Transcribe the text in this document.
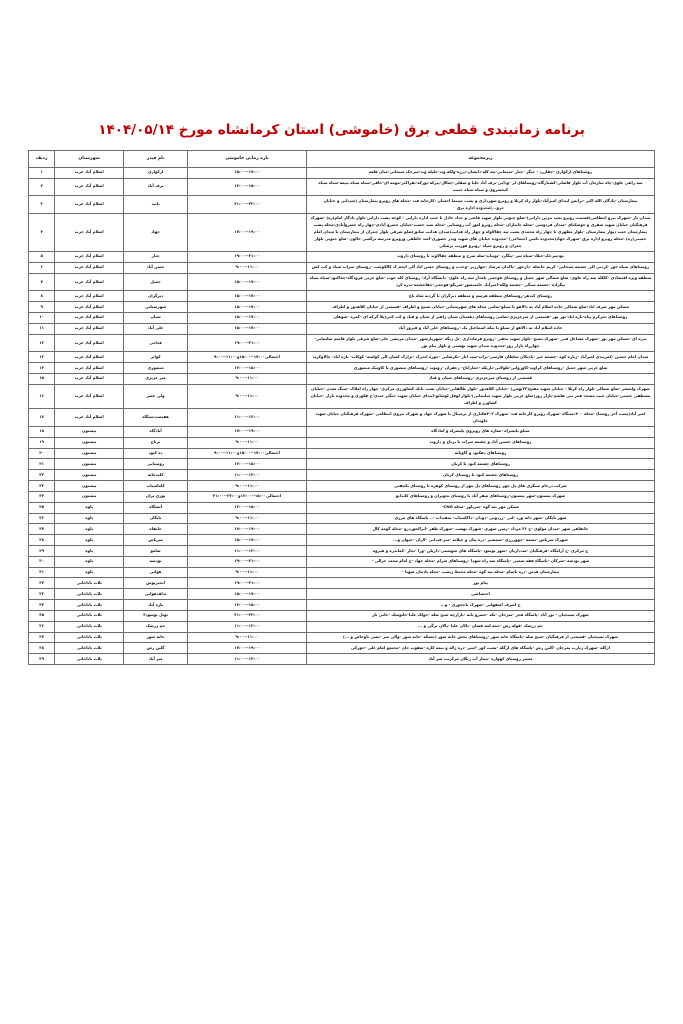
برنامه زمانبندی قطعی برق (خاموشی) استان کرمانشاه مورخ ۱۴۰۴/۰۵/۱۴
زیرمجموعه	بازه زمانی خاموشی	نام فیدر	شهرستان	ردیف
روستاهای ارکوازی -چقازرد - چنگر -چنار -سیمانی-تپه کله-دانشان-درزه-ولکه وند-جلیله وند-سرخک سنجابی-میان قلعه	۱۷:۰۰--۱۵:۰۰	ارکوازی	اسلام آباد غرب	۱
سه راهی علوی-چاه سازمان آب بلوار فاضلی-کشتارگاه-روستاهای لر -ودایی-برف آباد علیا و سفلی-چغالل-پیرکه-بورکه-تفراکبر-مومه ای-جافی-سیاه سیاه نبیغه-سیاه سیاه کیخسروی و سیاه سیاه حبیب	۱۵:۰۰--۱۳:۰۰	برف آباد	اسلام آباد غرب	۲
بیمارستان -پادگان الله اکبر -ترانس ابتدای امیرآباد-بلوار راه کربلا و روبرو شهرداری و پشت سینما احسان -کارخانه قند -محله های روبرو بیمارستان (شیدایی و خیابان حرو...)محدوده اداره برق	۲۳:۰۰--۲۱:۰۰	پانید	اسلام آباد غرب	۳
میدان بار -شهرک نیرو انتظامی(قسمت روبرو پمپ بنزین دارایی)-ضلع جنوبی بلوار شهید قاضی و حداد عادل تا جنب اداره دارایی - کوچه پشت دارایی-بلوار یادگار امام(ره) -شهرک فرهنگیان خیابان شهید صفری و خوشکنای -میدان فردوسی -محله جانبازان -محله روبرو امور آب روستایی -محله سید خشت-خیابان خسرو آبادی-چهار راه خسروآبادی-محله پشت بیمارستان جنب دیوار بیمارستان -بلوار مطهری تا چهار راه محمدی پشت تپه چقالاواه و چهار راه هدایت(میدان هدایت سابق)ضلع شرقی بلوار چمران از بیمارستان تا میدان امام خمینی(ره) -محله روبرو اداره برق -شهرک جهاد(محدوده تامین اجتماعی) -محدوده خیابان های شهید وندر خصوری-اسد عاطفی وروبرو مدرسه نرگسی خالون -ضلع جنوبی بلوار چمران و روبرو سپاه -روبرو فوریت پزشکی	۱۹:۰۰--۱۷:۰۰	جهاد	اسلام آباد غرب	۴
نودسرخک-خیلاد-سیاه سر -بیلگرد -تویباند-سله سرخ و منطقه چقالاوند تا روستای داروند	۲۱:۰۰--۱۹:۰۰	چنار	اسلام آباد غرب	۵
روستاهای سیاه خور -لردنی الی چشمه سنجابی- کریم حاتمله -دارخور -پاکدان مرصاد -چهارزبر -وحدت و روستای حسن اباد آلی انجم ک کالکوشت -روستای سراب شیاذ و کت کش	۱۱:۰۰--۹:۰۰	حسن آباد	اسلام آباد غرب	۶
منطقه ویژه اقتصادی -کلکله سه راه علوی- ضلع شمالی شهر حمیل و روستای فوجمی نامدار سه راه علوی- دانشگاه آزاد- روستای کله جوب -ضلع غربی فرودگاه-چغاکبود-سیاه سیاه بیگزاده -چشمه سنگی -چشمه ولکه-امیرآباد خانمنصور-سربگو-فوجمی-چقاچشمه-بدره کرد	۱۷:۰۰--۱۵:۰۰	حمیل	اسلام آباد غرب	۷
روستای کندهر-روستاهای منطقه هرسم و منطقه دیزگران تا گردنه شاه باغ	۱۷:۰۰--۱۵:۰۰	دیزگران	اسلام آباد غرب	۸
مسکن مهر شرف اباد-ضلع شمالی جاده اسلام آباد به دالاهو تا سیلو-تمامی محله های شهرستانی-خیابان بسیج و اطراف -قسمتی از خیابان کلاهدوز و اطراف	۱۷:۰۰--۱۵:۰۰	شهرستانی	اسلام آباد غرب	۹
روستاهای نجرکرم پناه-تازه اباد-نور بور -قسمتی از میرعزیزی-تمامی روستاهای دهستان شیان زاهیر از شیان و قباد و کت کتی(پلا گرکه ای -کمره -شوهان	۱۷:۰۰--۱۵:۰۰	شیان	اسلام آباد غرب	۱۰
جاده اسلام آباد به دالاهو از سیلو تا تنکه اسماعیل بک -روستاهای علی آباد و فیروز آباد	۱۷:۰۰--۱۵:۰۰	علی آباد	اسلام آباد غرب	۱۱
بدره ای -مسکن مهر نور -شهرک مشاغل فنی -شهرک بسیج -بلوار شهید نجفی -روبرو فرمانداری -پل زنگه -شهریارشهر -میدان مرتضی علی-ضلع شرقی بلوار قاسم سلیمانی-چهارراه بازار روز-محدوده میدان شهید بهشتی و بلوار پیام نور	۲۱:۰۰--۱۹:۰۰	فتاحی	اسلام آباد غرب	۱۲
میدان امام حسین -کمربندی امیرآباد -زیاره کوه -چشمه خیر -بادبکان سلطان قارسی-تراب-سید اباز -بکرشایی -جوزه انجرک -نزارک کسان الی کولسه- کوکاب- تازه اباد- چالاوکرید	احتمالی۱۷:۰۰--۱۵:۰۰و۱۱:۰۰--۹:۰۰	کوانر	اسلام آباد غرب	۱۳
ضلع غربی شهر حمیل -روستاهای کراوند-کاوروانی-طولایی-باریکه -خماراناج- زعفران -روتوند -روستاهای منصوری تا کاوتنک منصوری	۱۵:۰۰--۱۳:۰۰	منصوری	اسلام آباد غرب	۱۴
قسمتی از روستای میرعزیزی -روستاهای شیان و قباد	۱۱:۰۰--۹:۰۰	میر عزیزی	اسلام آباد غرب	۱۵
شهرک ولیعصر -ضلع شمالی بلوار راه کربلا - خیابان شهید مفتح(۲۲بهمن) -خیابان کلاهدوز -بلوار طالقانی-خیابان پشت بانک کشاورزی مرکزی- چهار راه املاک -سنگ معدن -خیابان مصطفی خمینی-خیابان جنب مسجد قمر بنی هاشم-بازار روز(ضلع غربی بلوار شهید سلیمانی)-بلوار لوفل لوشانو-ابتدای خیابان شهید جنگیر عبدی-خ فکوری و محدوده بازار -خیابان کشاورز و اطراف	۱۱:۰۰--۹:۰۰	ولی عصر	اسلام آباد غرب	۱۶
امیر آباد(پست آخر روستا) -محله ۷۰۰دستگاه -شهرک روبرو کارخانه قند- شهرک ۴۰۲هکتاری از ترمینال تا شهرک جهاد و شهرک نیروی انتظامی -شهرک فرهنگیان خیابان شهید جاویدان	۱۳:۰۰--۱۱:۰۰	هفتصددستگاه	اسلام آباد غرب	۱۷
سیلو پلیسراه -مغازه های روبروی پلیسراه و امادگاه	۱۹:۰۰--۱۷:۰۰	آبادگاه	بیستون	۱۸
روستاهای حسین آباد و چشمه سراب تا برناج و داروند	۱۱:۰۰--۹:۰۰	برناج	بیستون	۱۹
روستاهای دهکبود و گاوبانه	احتمالی۱۷:۰۰--۱۵:۰۰و۱۱:۰۰--۹:۰۰	ده کبود	بیستون	۲۰
روستاهای چشمه کبود تا کربان	۱۵:۰۰--۱۳:۰۰	روستایی	بیستون	۲۱
روستاهای چشمه کبود تا روستای کربان	۱۳:۰۰--۱۱:۰۰	کلیدخانه	بیستون	۲۲
شرکت درجام سنگری های پل چهر روستاهای پل چهر از روستای کوهره تا روستای بکچفتی	۱۱:۰۰--۹:۰۰	کاماسیاب	بیستون	۲۳
شهرک بیستون-شهر بیستون-روستاهای صفر آباد تا روستای نجوبران و روستاهای کاندانو	احتمالی۱۵:۰۰--۱۳:۰۰و۲۳:۰۰--۲۱:۰۰	نوزی بران	بیستون	۲۴
مسکن مهر تپه گوه -سرباور -محله CNG-	۱۵:۰۰--۱۳:۰۰	آتشگاه	پاوه	۲۵
شهر بایگان -شهر دانه ورد -لنی -زردویی -دودان -داکاسیاب- سفیداب -.. پاسگاه های مرزی	۱۱:۰۰--۹:۰۰	بایگان	پاوه	۲۶
خانقاهی شهر -میدان مولوی -خ ۲۶ مرداد -زمین شهری -شهرک نهضت -شهرک ظفر -ابرالخوردرو -محله گومه کال	۱۹:۰۰--۱۷:۰۰	خانقاه	پاوه	۲۷
شهرک سرباس -نسمه -چووررزی -شمشیر -دره بیان و چیلانه -میر قبدانی -لاران -جیوان و...	۱۷:۰۰--۱۵:۰۰	سرپاس	پاوه	۲۸
خ مرکزی -خ آرامگاه -فرهنگیان -سدداریان -شهر نوسود -پاسگاه های شوشمی-داریلن -ورا -نجار -کماندره و هیروه	۱۳:۰۰--۱۱:۰۰	شامو	پاوه	۲۹
شهر نودشه -شرکان -پاسگاه فقه شمنی -پاسگاه سه راه شهدا -روستاهای شرام -محله جهاد -خ امام محمد غزالی -	۲۱:۰۰--۱۹:۰۰	نودشه	پاوه	۳۰
بیمارستان قدس -دره باسام -محله تپه گوه -محله محیط زیست -محله پادمان شهدا -	۱۱:۰۰--۹:۰۰	هوانی	پاوه	۳۱
پیام نور	۲۱:۰۰--۱۹:۰۰	انجیربوس	ثلاث باباجانی	۳۲
اختصاصی	۱۷:۰۰--۱۵:۰۰	بداقدهوانی	ثلاث باباجانی	۳۳
خ اشرف اصفهانی -شهرک تاجخوری - و...	۱۵:۰۰--۱۳:۰۰	تازه آباد	ثلاث باباجانی	۳۴
شهرک بسیجیان - نور آباد -پاسگاه فجر -تمرخان -تکه -خسرو بانه -بازارچه شیخ صله -حولک علیا-جانوسک -جانی نار	۲۳:۰۰--۲۱:۰۰	توتل نوسود۲	ثلاث باباجانی	۳۵
جم زرشک -قوله رش -جمه لمه فشان -پالان علیا -پالان ترگی و ...	۱۳:۰۰--۱۱:۰۰	جم زرشک	ثلاث باباجانی	۳۶
شهرک بسیجیان -قسمتی از فرهنگیان -شیخ صله -پاسگاه خانه شور -روستاهای بخش خانه شور (چشکه -خانه شور -والی سر -بشی ناوخاص و ...)	۱۱:۰۰--۹:۰۰	خانه شور	ثلاث باباجانی	۳۷
ازگله -شهرک زیارت نمرخان -گلین رش -پاسگاه های ازگله -پشت کور -انبیر -دره ژاله و نیمه کاره -یعقوب جان -مجتمع امام علی -خورکی	۱۹:۰۰--۱۷:۰۰	گلین رش	ثلاث باباجانی	۳۸
مسیر روستای کهواره -بیماز آب زنگان مرکزبت میر آباد	۱۳:۰۰--۱۱:۰۰	میر آباد	ثلاث باباجانی	۳۹
